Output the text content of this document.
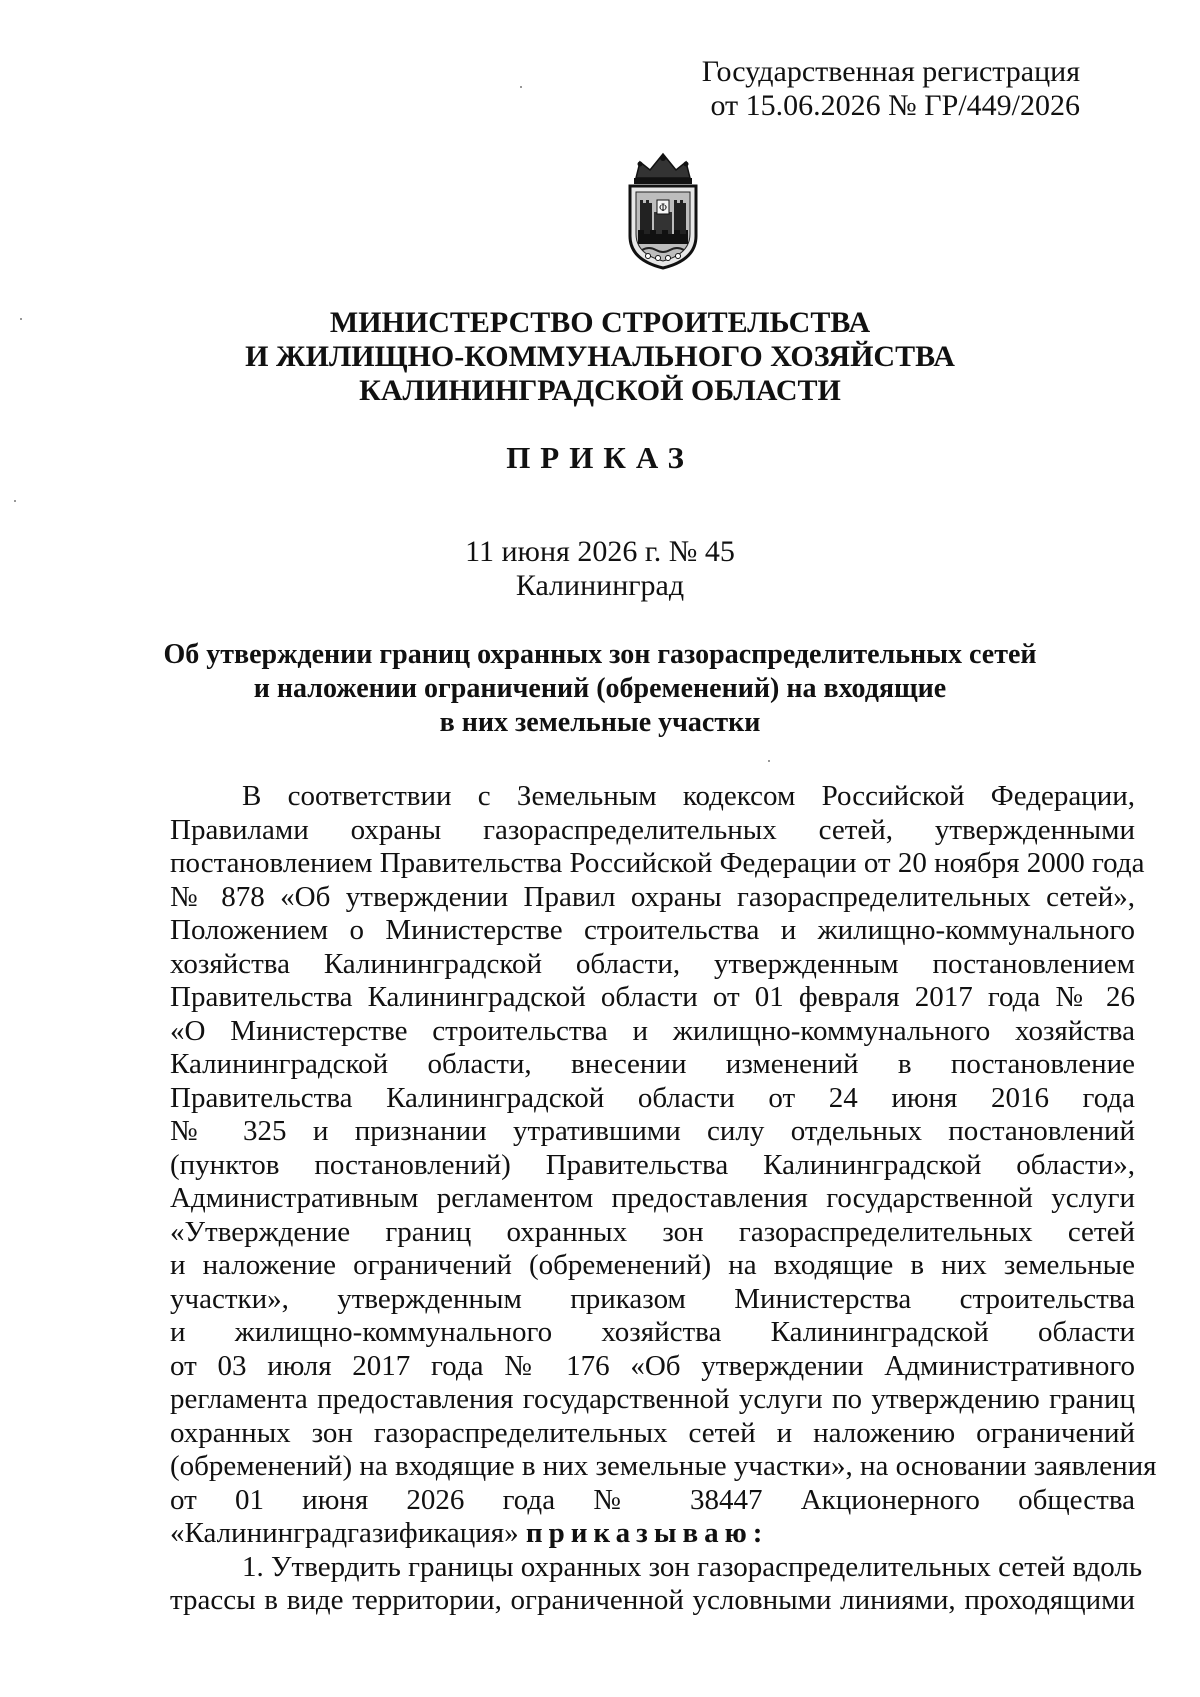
Государственная регистрация
от 15.06.2026 № ГР/449/2026
Ф
МИНИСТЕРСТВО СТРОИТЕЛЬСТВА
И ЖИЛИЩНО-КОММУНАЛЬНОГО ХОЗЯЙСТВА
КАЛИНИНГРАДСКОЙ ОБЛАСТИ
ПРИКАЗ
11 июня 2026 г. № 45
Калининград
Об утверждении границ охранных зон газораспределительных сетей
и наложении ограничений (обременений) на входящие
в них земельные участки
В соответствии с Земельным кодексом Российской Федерации,
Правилами охраны газораспределительных сетей, утвержденными
постановлением Правительства Российской Федерации от 20 ноября 2000 года
№ 878 «Об утверждении Правил охраны газораспределительных сетей»,
Положением о Министерстве строительства и жилищно-коммунального
хозяйства Калининградской области, утвержденным постановлением
Правительства Калининградской области от 01 февраля 2017 года № 26
«О Министерстве строительства и жилищно-коммунального хозяйства
Калининградской области, внесении изменений в постановление
Правительства Калининградской области от 24 июня 2016 года
№ 325 и признании утратившими силу отдельных постановлений
(пунктов постановлений) Правительства Калининградской области»,
Административным регламентом предоставления государственной услуги
«Утверждение границ охранных зон газораспределительных сетей
и наложение ограничений (обременений) на входящие в них земельные
участки», утвержденным приказом Министерства строительства
и жилищно-коммунального хозяйства Калининградской области
от 03 июля 2017 года № 176 «Об утверждении Административного
регламента предоставления государственной услуги по утверждению границ
охранных зон газораспределительных сетей и наложению ограничений
(обременений) на входящие в них земельные участки», на основании заявления
от 01 июня 2026 года № 38447 Акционерного общества
«Калининградгазификация» приказываю:
1. Утвердить границы охранных зон газораспределительных сетей вдоль
трассы в виде территории, ограниченной условными линиями, проходящими
